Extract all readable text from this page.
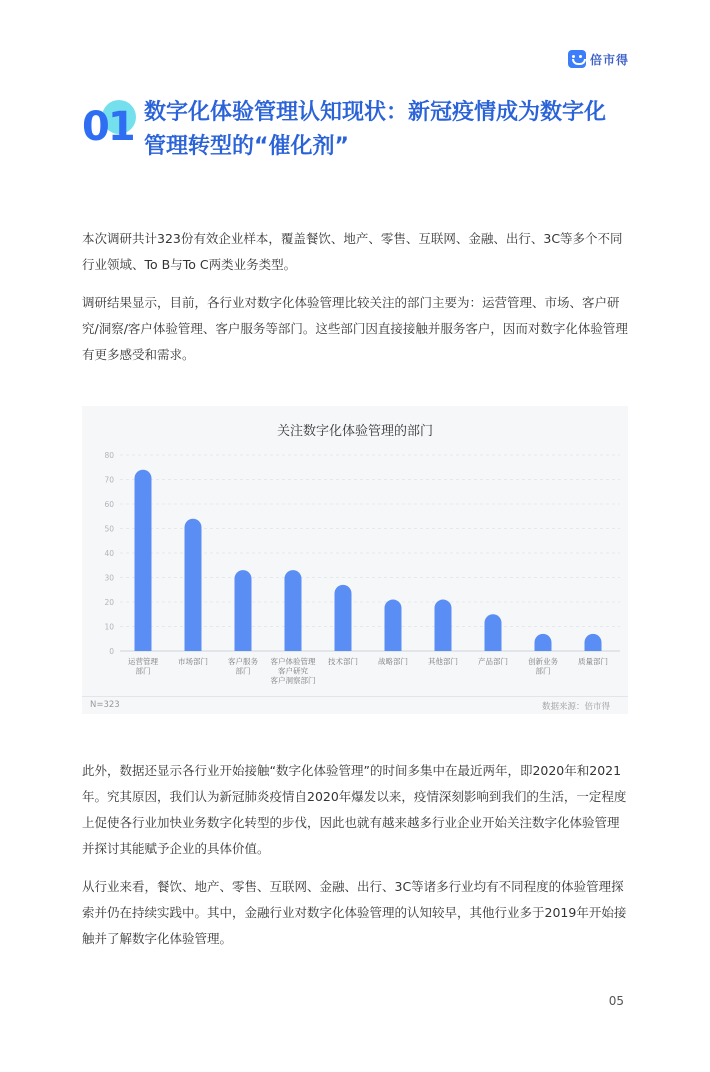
倍市得
01 数字化体验管理认知现状：新冠疫情成为数字化
管理转型的“催化剂”

本次调研共计323份有效企业样本，覆盖餐饮、地产、零售、互联网、金融、出行、3C等多个不同行业领域、To B与To C两类业务类型。

调研结果显示，目前，各行业对数字化体验管理比较关注的部门主要为：运营管理、市场、客户研究/洞察/客户体验管理、客户服务等部门。这些部门因直接接触并服务客户，因而对数字化体验管理有更多感受和需求。

关注数字化体验管理的部门
0
10
20
30
40
50
60
70
80
运营管理
部门
市场部门	客户服务
部门
客户体验管理
客户研究
客户洞察部门
技术部门	战略部门	其他部门	产品部门	创新业务
部门
质量部门
N=323	数据来源：倍市得

此外，数据还显示各行业开始接触“数字化体验管理”的时间多集中在最近两年，即2020年和2021年。究其原因，我们认为新冠肺炎疫情自2020年爆发以来，疫情深刻影响到我们的生活，一定程度上促使各行业加快业务数字化转型的步伐，因此也就有越来越多行业企业开始关注数字化体验管理并探讨其能赋予企业的具体价值。

从行业来看，餐饮、地产、零售、互联网、金融、出行、3C等诸多行业均有不同程度的体验管理探索并仍在持续实践中。其中，金融行业对数字化体验管理的认知较早，其他行业多于2019年开始接触并了解数字化体验管理。

05
